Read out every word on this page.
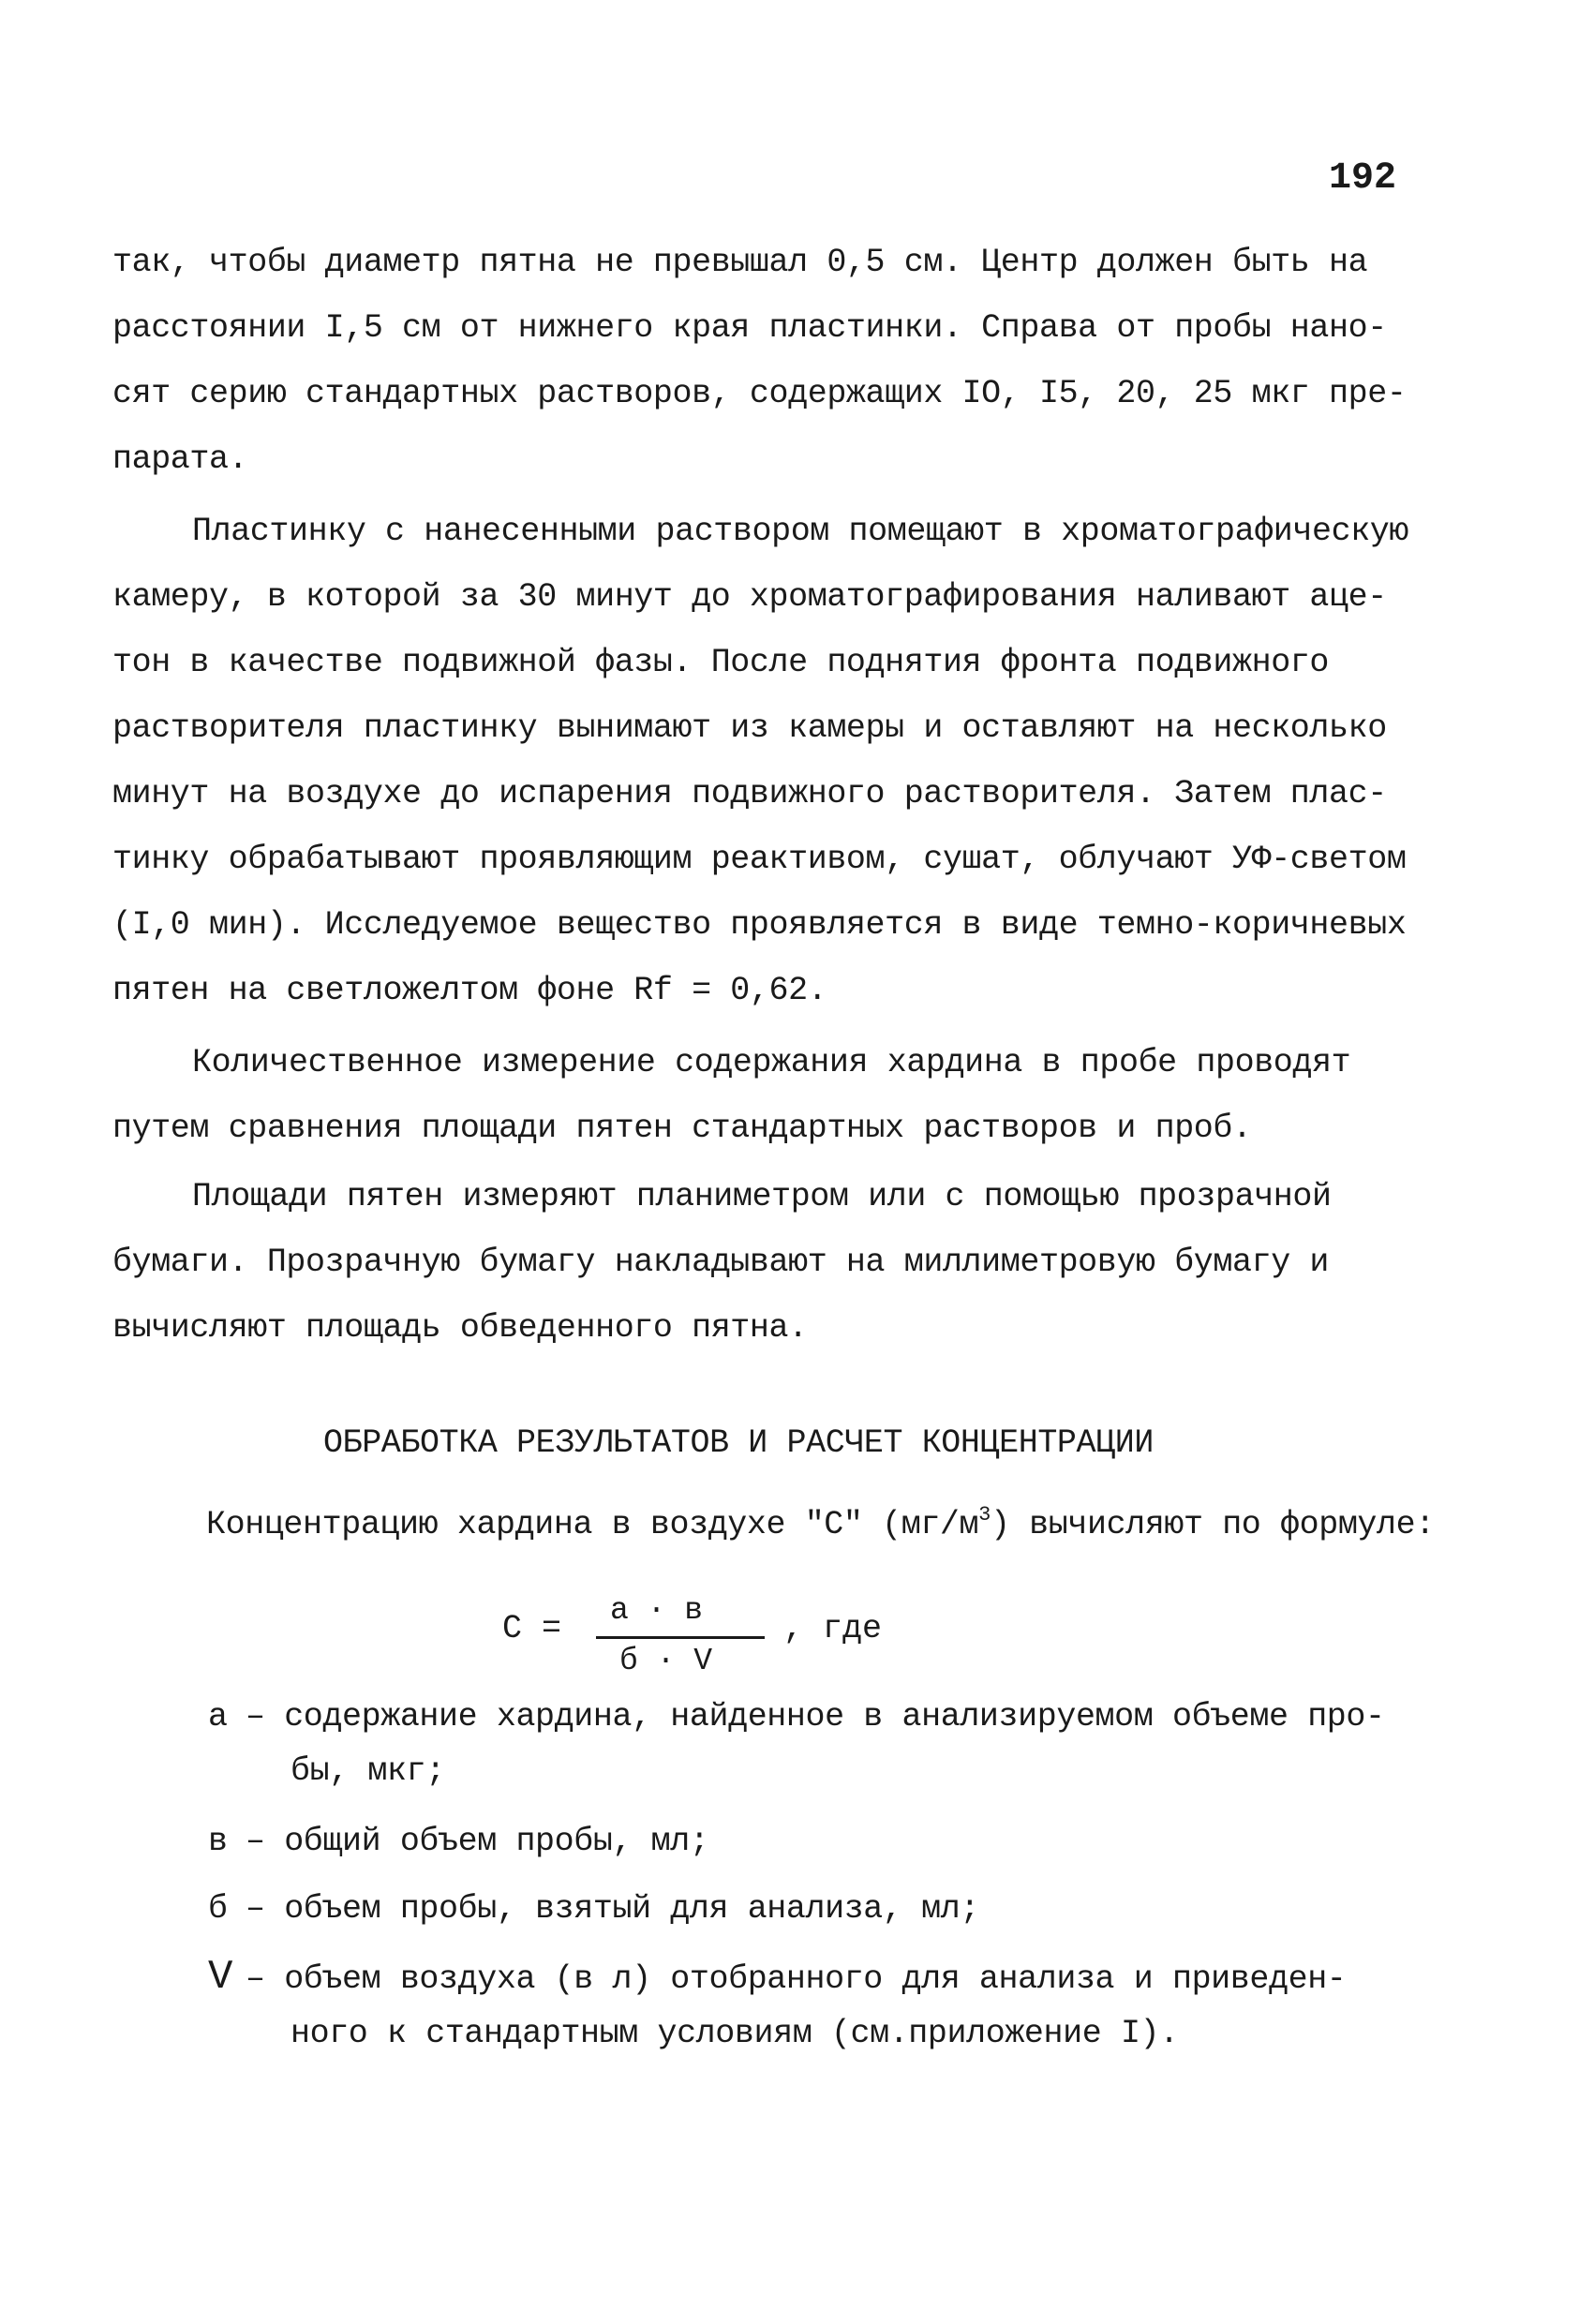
192
так, чтобы диаметр пятна не превышал 0,5 см. Центр должен быть на
расстоянии I,5 см от нижнего края пластинки. Справа от пробы нано-
сят серию стандартных растворов, содержащих IO, I5, 20, 25 мкг пре-
парата.
Пластинку с нанесенными раствором помещают в хроматографическую
камеру, в которой за 30 минут до хроматографирования наливают аце-
тон в качестве подвижной фазы. После поднятия фронта подвижного
растворителя пластинку вынимают из камеры и оставляют на несколько
минут на воздухе до испарения подвижного растворителя. Затем плас-
тинку обрабатывают проявляющим реактивом, сушат, облучают УФ-светом
(I,0 мин). Исследуемое вещество проявляется в виде темно-коричневых
пятен на светложелтом фоне Rf = 0,62.
Количественное измерение содержания хардина в пробе проводят
путем сравнения площади пятен стандартных растворов и проб.
Площади пятен измеряют планиметром или с помощью прозрачной
бумаги. Прозрачную бумагу накладывают на миллиметровую бумагу и
вычисляют площадь обведенного пятна.
ОБРАБОТКА РЕЗУЛЬТАТОВ И РАСЧЕТ КОНЦЕНТРАЦИИ
Концентрацию хардина в воздухе "С" $(мг/м^3)$ вычисляют по формуле:
С = а · в
б · V
, где
а – содержание хардина, найденное в анализируемом объеме про-
бы, мкг;
в – общий объем пробы, мл;
б – объем пробы, взятый для анализа, мл;
V – объем воздуха (в л) отобранного для анализа и приведен-
ного к стандартным условиям (см.приложение I).
